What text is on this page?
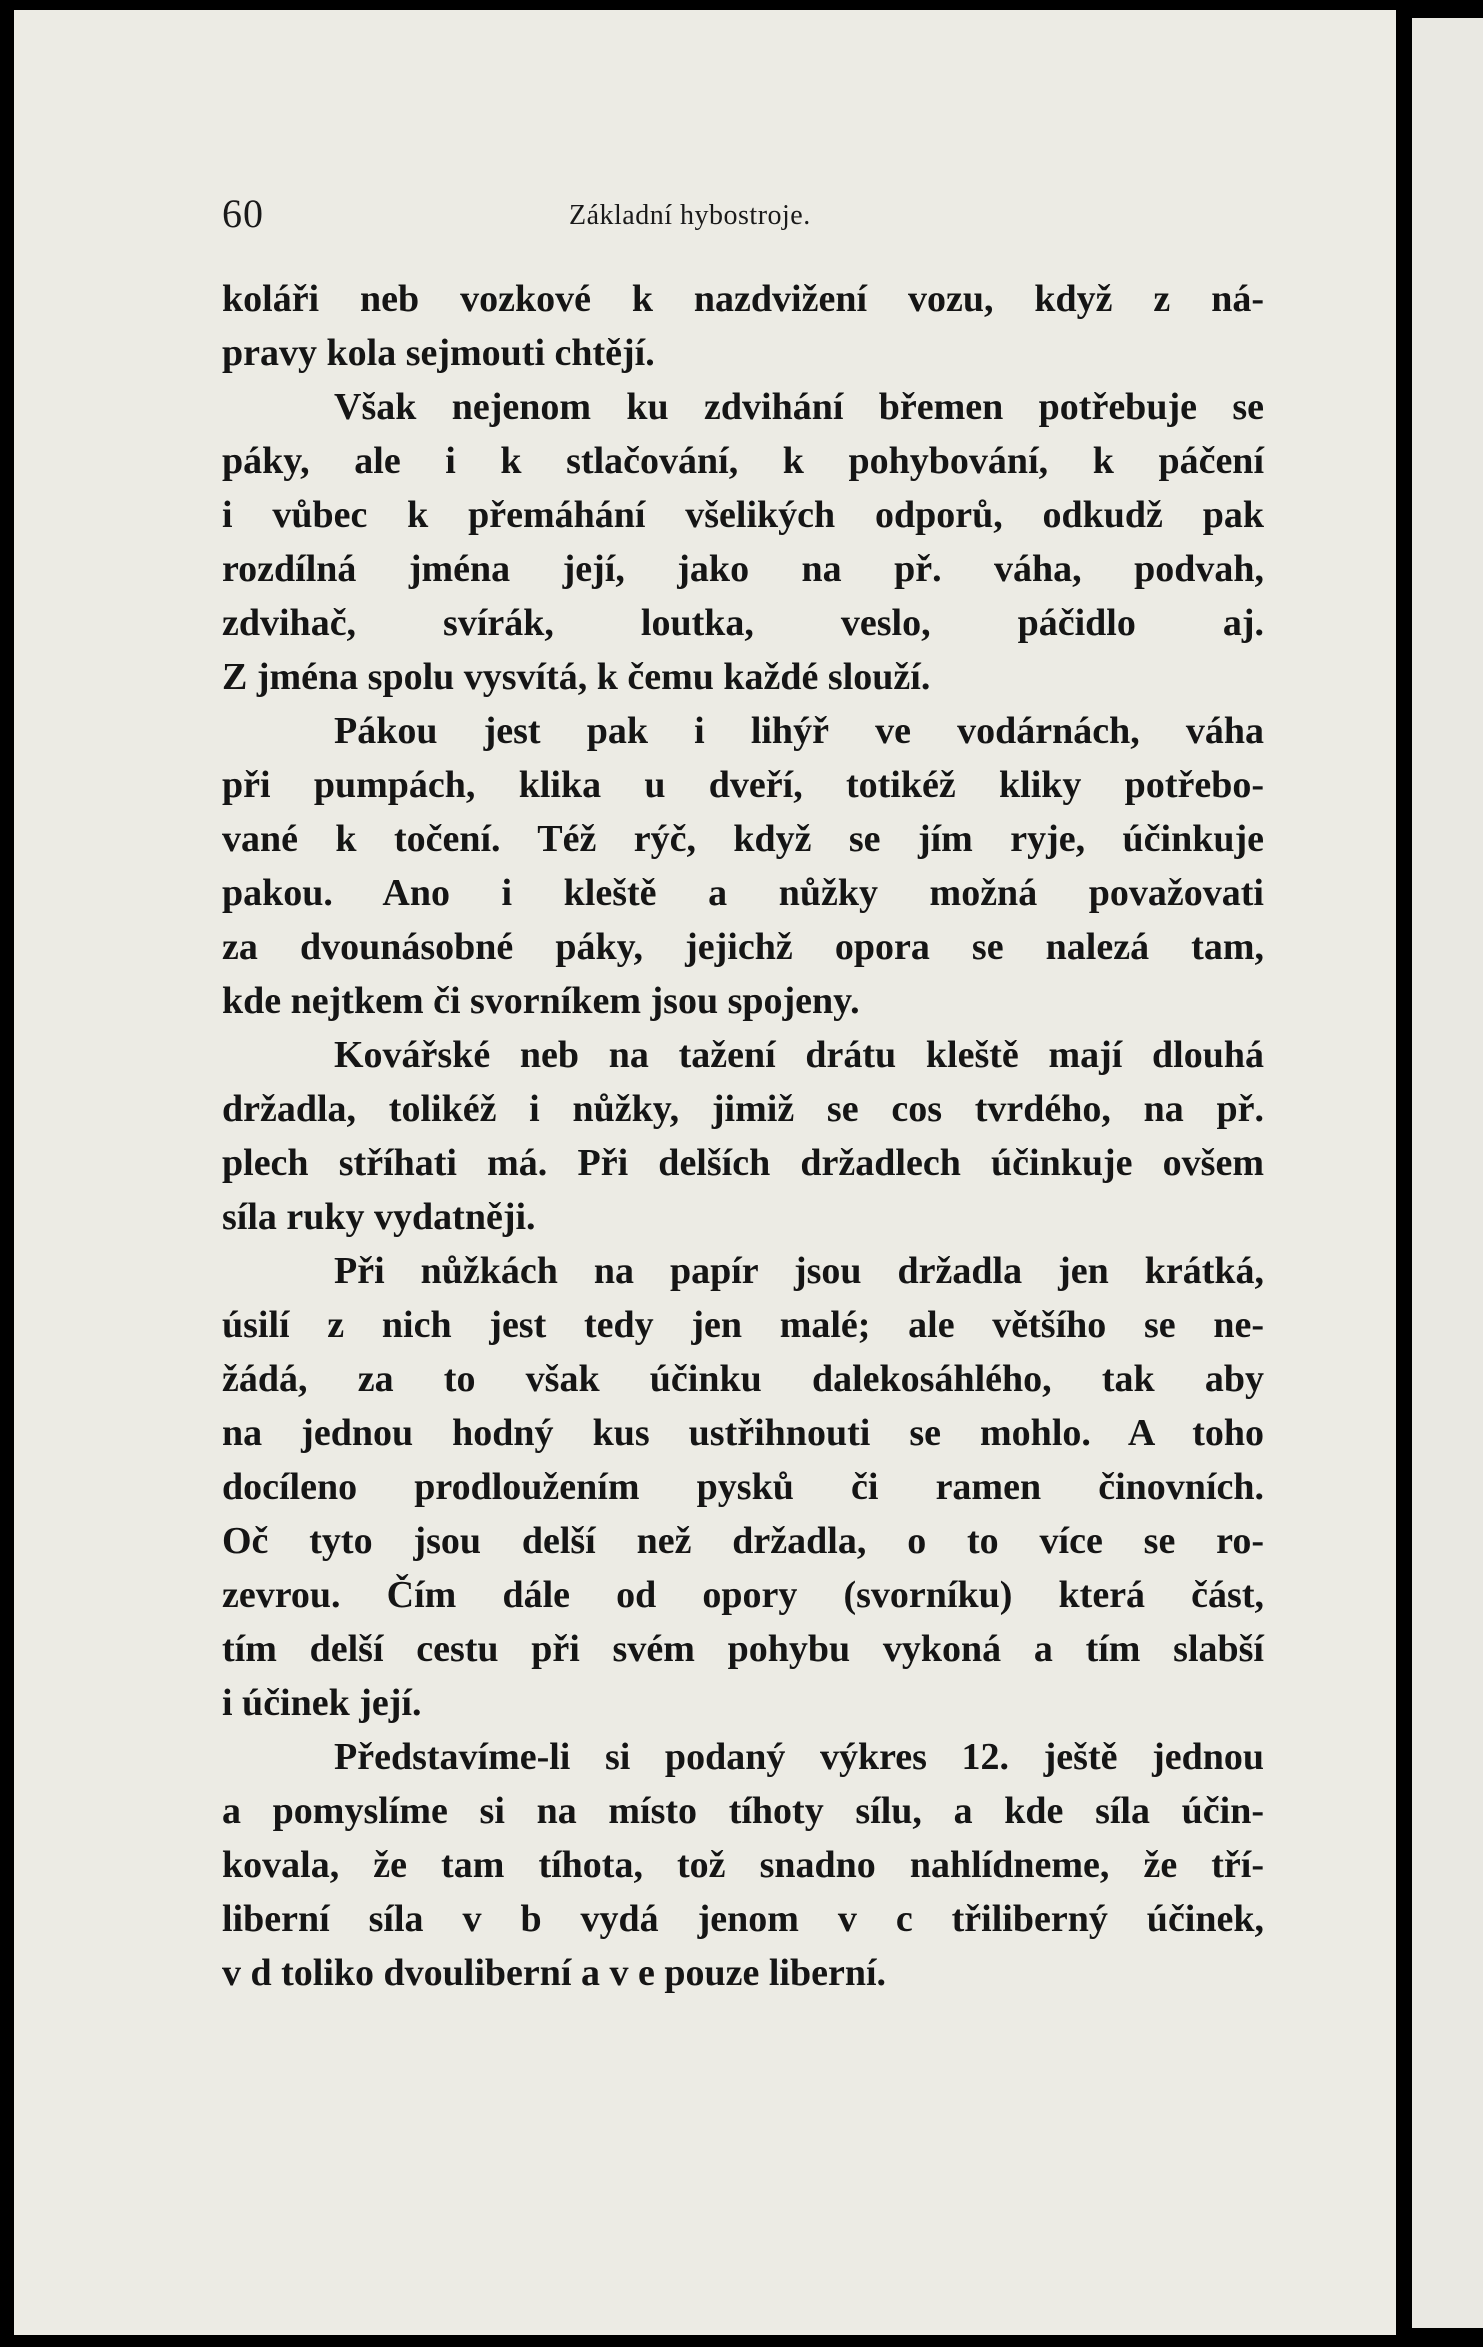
60	Základní hybostroje.
koláři neb vozkové k nazdvižení vozu, když z ná-
pravy kola sejmouti chtějí.
Však nejenom ku zdvihání břemen potřebuje se
páky, ale i k stlačování, k pohybování, k páčení
i vůbec k přemáhání všelikých odporů, odkudž pak
rozdílná jména její, jako na př. váha, podvah,
zdvihač, svírák, loutka, veslo, páčidlo aj.
Z jména spolu vysvítá, k čemu každé slouží.
Pákou jest pak i lihýř ve vodárnách, váha
při pumpách, klika u dveří, totikéž kliky potřebo-
vané k točení. Též rýč, když se jím ryje, účinkuje
pakou. Ano i kleště a nůžky možná považovati
za dvounásobné páky, jejichž opora se nalezá tam,
kde nejtkem či svorníkem jsou spojeny.
Kovářské neb na tažení drátu kleště mají dlouhá
držadla, tolikéž i nůžky, jimiž se cos tvrdého, na př.
plech stříhati má. Při delších držadlech účinkuje ovšem
síla ruky vydatněji.
Při nůžkách na papír jsou držadla jen krátká,
úsilí z nich jest tedy jen malé; ale většího se ne-
žádá, za to však účinku dalekosáhlého, tak aby
na jednou hodný kus ustřihnouti se mohlo. A toho
docíleno prodloužením pysků či ramen činovních.
Oč tyto jsou delší než držadla, o to více se ro-
zevrou. Čím dále od opory (svorníku) která část,
tím delší cestu při svém pohybu vykoná a tím slabší
i účinek její.
Představíme-li si podaný výkres 12. ještě jednou
a pomyslíme si na místo tíhoty sílu, a kde síla účin-
kovala, že tam tíhota, tož snadno nahlídneme, že tří-
liberní síla v b vydá jenom v c třiliberný účinek,
v d toliko dvouliberní a v e pouze liberní.
